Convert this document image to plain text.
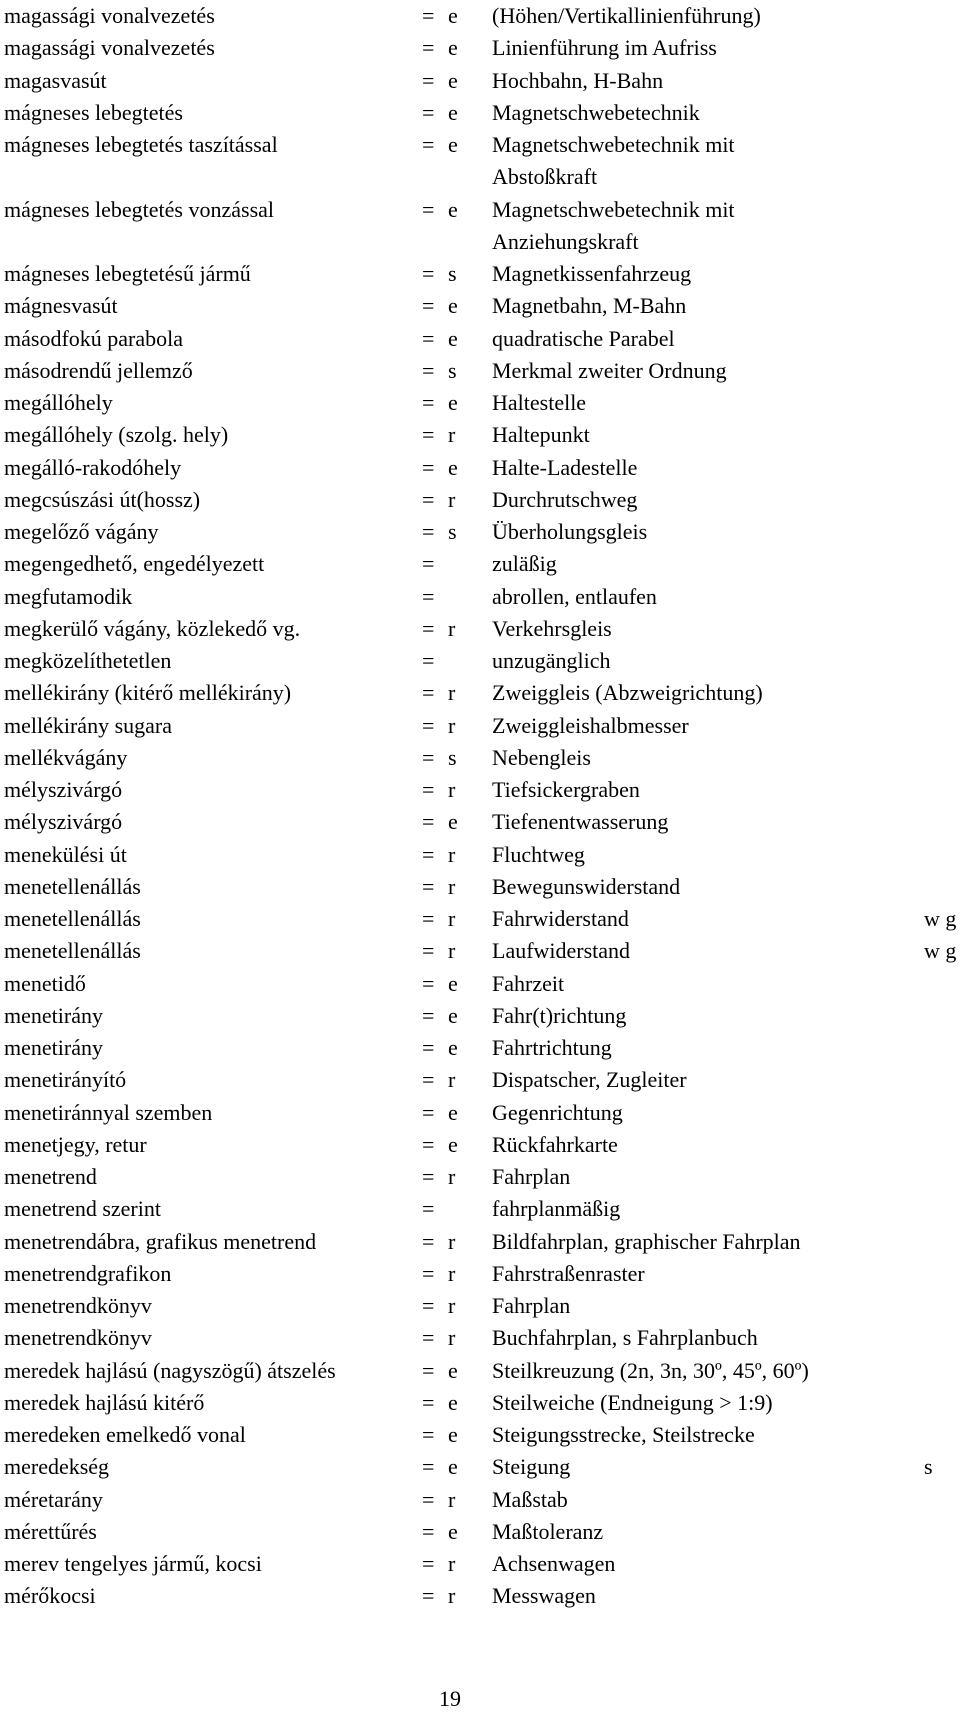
magassági vonalvezetés	= e (Höhen/Vertikallinienführung)
magassági vonalvezetés	= e Linienführung im Aufriss
magasvasút	= e Hochbahn, H-Bahn
mágneses lebegtetés	= e Magnetschwebetechnik
mágneses lebegtetés taszítással	= e Magnetschwebetechnik mit
Abstoßkraft
mágneses lebegtetés vonzással	= e Magnetschwebetechnik mit
Anziehungskraft
mágneses lebegtetésű jármű	= s Magnetkissenfahrzeug
mágnesvasút	= e Magnetbahn, M-Bahn
másodfokú parabola	= e quadratische Parabel
másodrendű jellemző	= s Merkmal zweiter Ordnung
megállóhely	= e Haltestelle
megállóhely (szolg. hely)	= r Haltepunkt
megálló-rakodóhely	= e Halte-Ladestelle
megcsúszási út(hossz)	= r Durchrutschweg
megelőző vágány	= s Überholungsgleis
megengedhető, engedélyezett	=	zuläßig
megfutamodik	=	abrollen, entlaufen
megkerülő vágány, közlekedő vg.	= r Verkehrsgleis
megközelíthetetlen	=	unzugänglich
mellékirány (kitérő mellékirány)	= r Zweiggleis (Abzweigrichtung)
mellékirány sugara	= r Zweiggleishalbmesser
mellékvágány	= s Nebengleis
mélyszivárgó	= r Tiefsickergraben
mélyszivárgó	= e Tiefenentwasserung
menekülési út	= r Fluchtweg
menetellenállás	= r Bewegunswiderstand
menetellenállás	= r Fahrwiderstand	w g
menetellenállás	= r Laufwiderstand	w g
menetidő	= e Fahrzeit
menetirány	= e Fahr(t)richtung
menetirány	= e Fahrtrichtung
menetirányító	= r Dispatscher, Zugleiter
menetiránnyal szemben	= e Gegenrichtung
menetjegy, retur	= e Rückfahrkarte
menetrend	= r Fahrplan
menetrend szerint	=	fahrplanmäßig
menetrendábra, grafikus menetrend	= r Bildfahrplan, graphischer Fahrplan
menetrendgrafikon	= r Fahrstraßenraster
menetrendkönyv	= r Fahrplan
menetrendkönyv	= r Buchfahrplan, s Fahrplanbuch
meredek hajlású (nagyszögű) átszelés	= e Steilkreuzung (2n, 3n, 30º, 45º, 60º)
meredek hajlású kitérő	= e Steilweiche (Endneigung > 1:9)
meredeken emelkedő vonal	= e Steigungsstrecke, Steilstrecke
meredekség	= e Steigung	s
méretarány	= r Maßstab
mérettűrés	= e Maßtoleranz
merev tengelyes jármű, kocsi	= r Achsenwagen
mérőkocsi	= r Messwagen
19
